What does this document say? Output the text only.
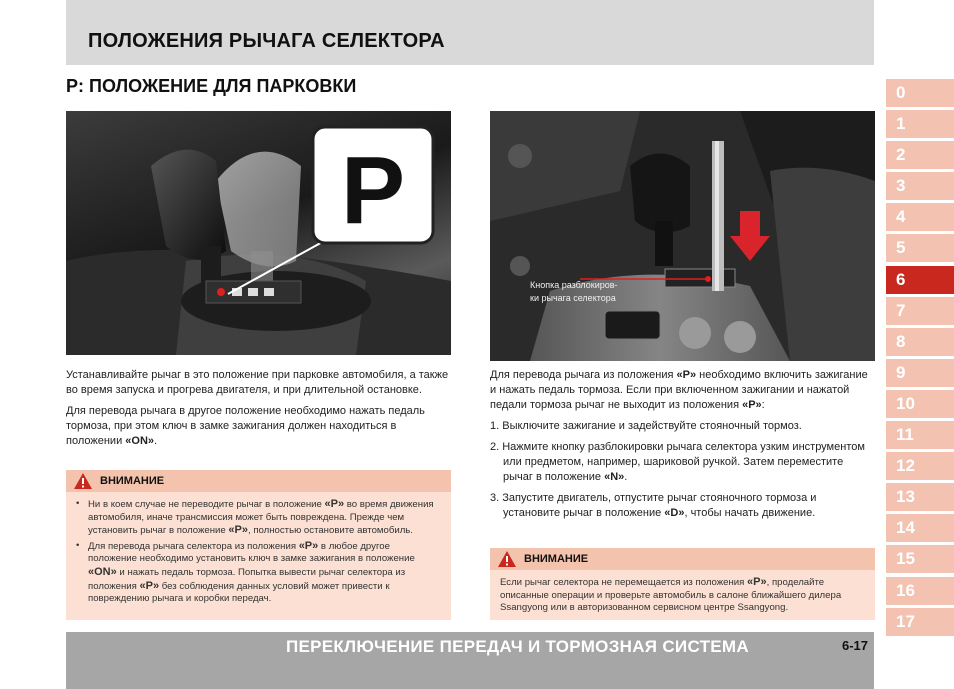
ПОЛОЖЕНИЯ РЫЧАГА СЕЛЕКТОРА
P: ПОЛОЖЕНИЕ ДЛЯ ПАРКОВКИ
P
Кнопка разблокиров-
ки рычага селектора

Устанавливайте рычаг в это положение при парковке автомобиля, а также во время запуска и прогрева двигателя, и при длительной остановке.

Для перевода рычага в другое положение необходимо нажать педаль тормоза, при этом ключ в замке зажигания должен находиться в положении «ON».

ВНИМАНИЕ
• Ни в коем случае не переводите рычаг в положение «P» во время движения автомобиля, иначе трансмиссия может быть повреждена. Прежде чем установить рычаг в положение «P», полностью остановите автомобиль.
• Для перевода рычага селектора из положения «P» в любое другое положение необходимо установить ключ в замке зажигания в положение «ON» и нажать педаль тормоза. Попытка вывести рычаг селектора из положения «P» без соблюдения данных условий может привести к повреждению рычага и коробки передач.

Для перевода рычага из положения «P» необходимо включить зажигание и нажать педаль тормоза. Если при включенном зажигании и нажатой педали тормоза рычаг не выходит из положения «P»:

1. Выключите зажигание и задействуйте стояночный тормоз.
2. Нажмите кнопку разблокировки рычага селектора узким инструментом или предметом, например, шариковой ручкой. Затем переместите рычаг в положение «N».
3. Запустите двигатель, отпустите рычаг стояночного тормоза и установите рычаг в положение «D», чтобы начать движение.
ВНИМАНИЕ
Если рычаг селектора не перемещается из положения «P», проделайте описанные операции и проверьте автомобиль в салоне ближайшего дилера Ssangyong или в авторизованном сервисном центре Ssangyong.
0
1
2
3
4
5
6
7
8
9
10
11
12
13
14
15
16
17
ПЕРЕКЛЮЧЕНИЕ ПЕРЕДАЧ И ТОРМОЗНАЯ СИСТЕМА	6-17
